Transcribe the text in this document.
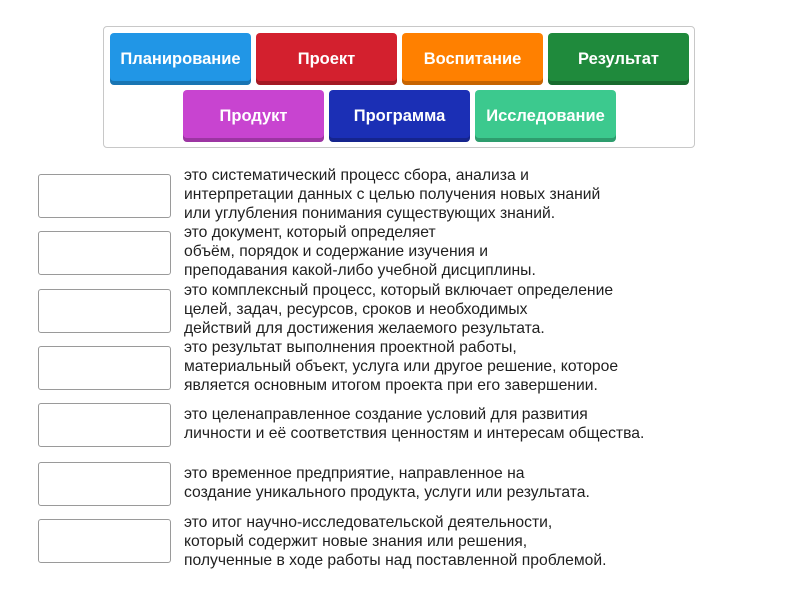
Планирование	Проект	Воспитание	Результат
Продукт	Программа	Исследование
это систематический процесс сбора, анализа и
интерпретации данных с целью получения новых знаний
или углубления понимания существующих знаний.
это документ, который определяет
объём, порядок и содержание изучения и
преподавания какой-либо учебной дисциплины.
это комплексный процесс, который включает определение
целей, задач, ресурсов, сроков и необходимых
действий для достижения желаемого результата.
это результат выполнения проектной работы,
материальный объект, услуга или другое решение, которое
является основным итогом проекта при его завершении.
это целенаправленное создание условий для развития
личности и её соответствия ценностям и интересам общества.
это временное предприятие, направленное на
создание уникального продукта, услуги или результата.
это итог научно-исследовательской деятельности,
который содержит новые знания или решения,
полученные в ходе работы над поставленной проблемой.
